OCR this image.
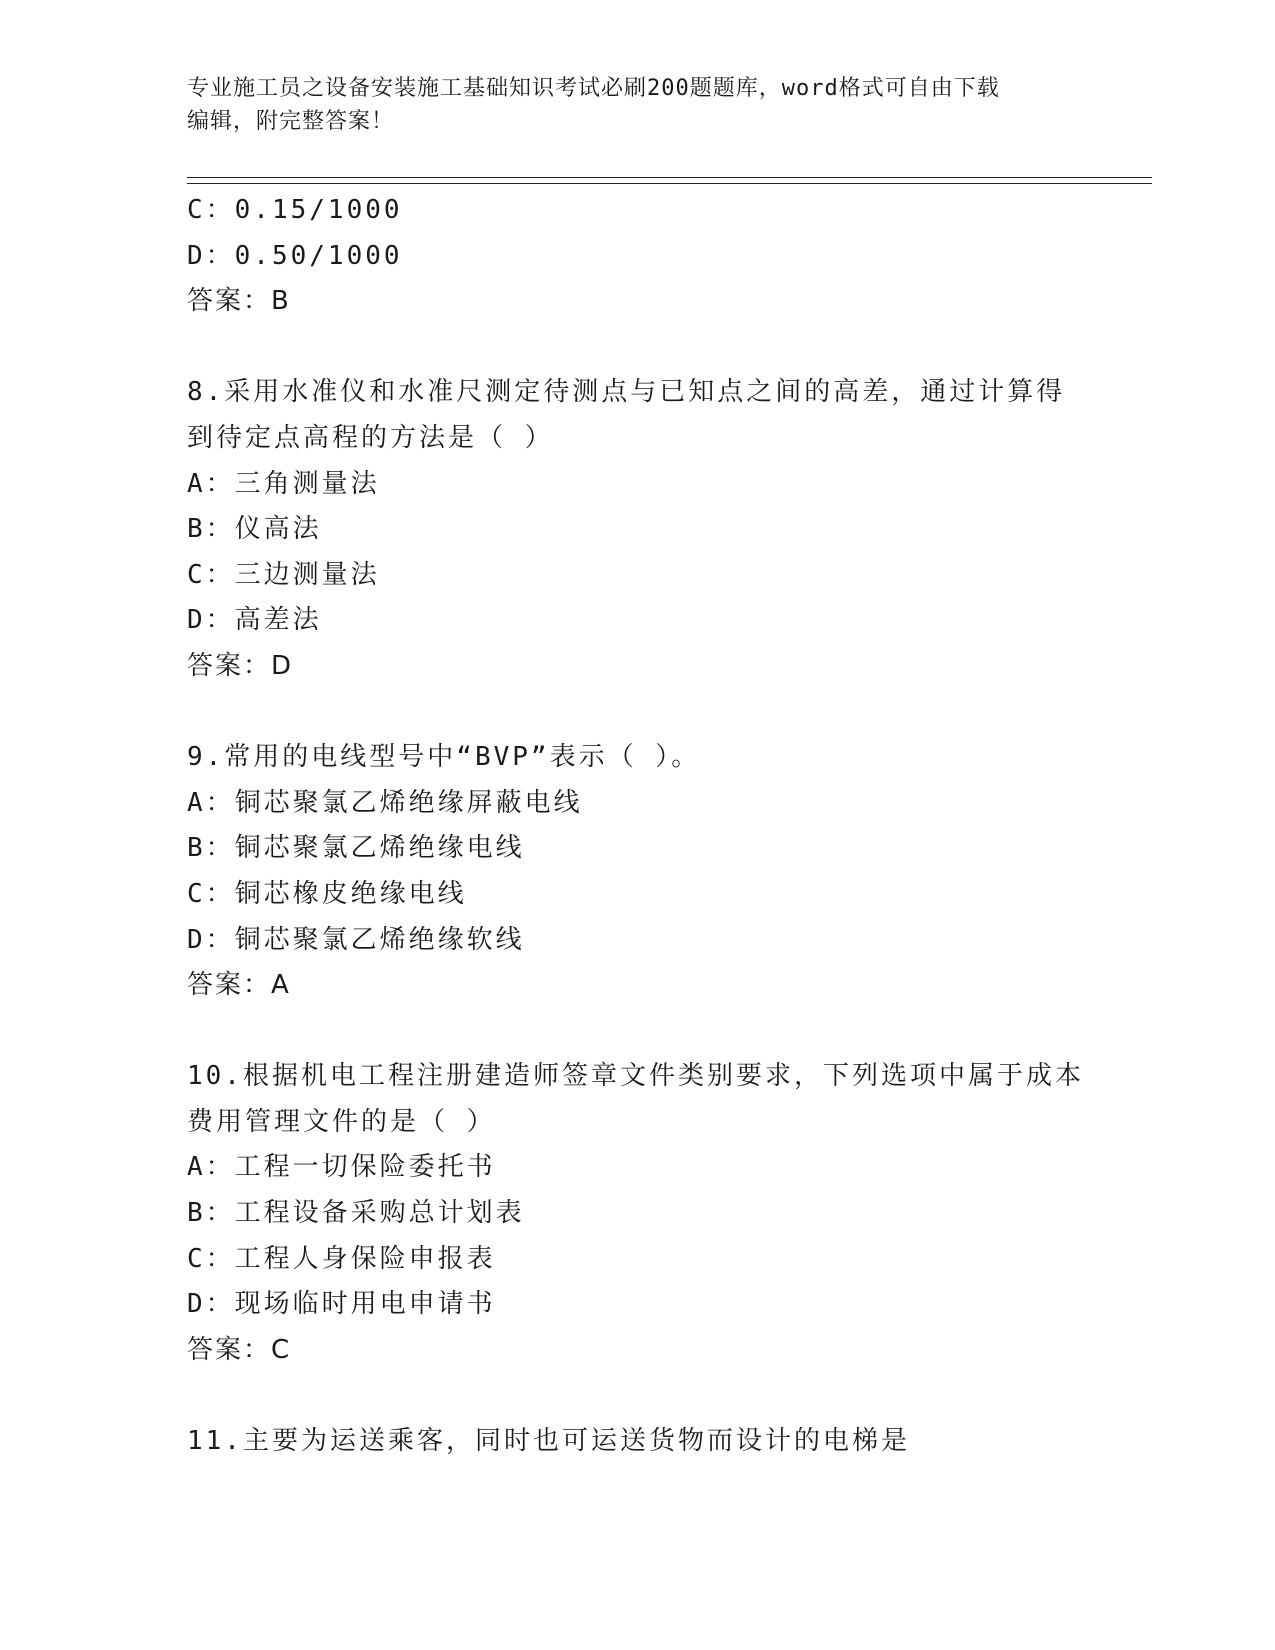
专业施工员之设备安装施工基础知识考试必刷200题题库，word格式可自由下载
编辑，附完整答案！
C：0.15/1000
D：0.50/1000
答案：B
8.采用水准仪和水准尺测定待测点与已知点之间的高差，通过计算得
到待定点高程的方法是（ ）
A：三角测量法
B：仪高法
C：三边测量法
D：高差法
答案：D
9.常用的电线型号中“BVP”表示（ ）。
A：铜芯聚氯乙烯绝缘屏蔽电线
B：铜芯聚氯乙烯绝缘电线
C：铜芯橡皮绝缘电线
D：铜芯聚氯乙烯绝缘软线
答案：A
10.根据机电工程注册建造师签章文件类别要求，下列选项中属于成本
费用管理文件的是（ ）
A：工程一切保险委托书
B：工程设备采购总计划表
C：工程人身保险申报表
D：现场临时用电申请书
答案：C
11.主要为运送乘客，同时也可运送货物而设计的电梯是
